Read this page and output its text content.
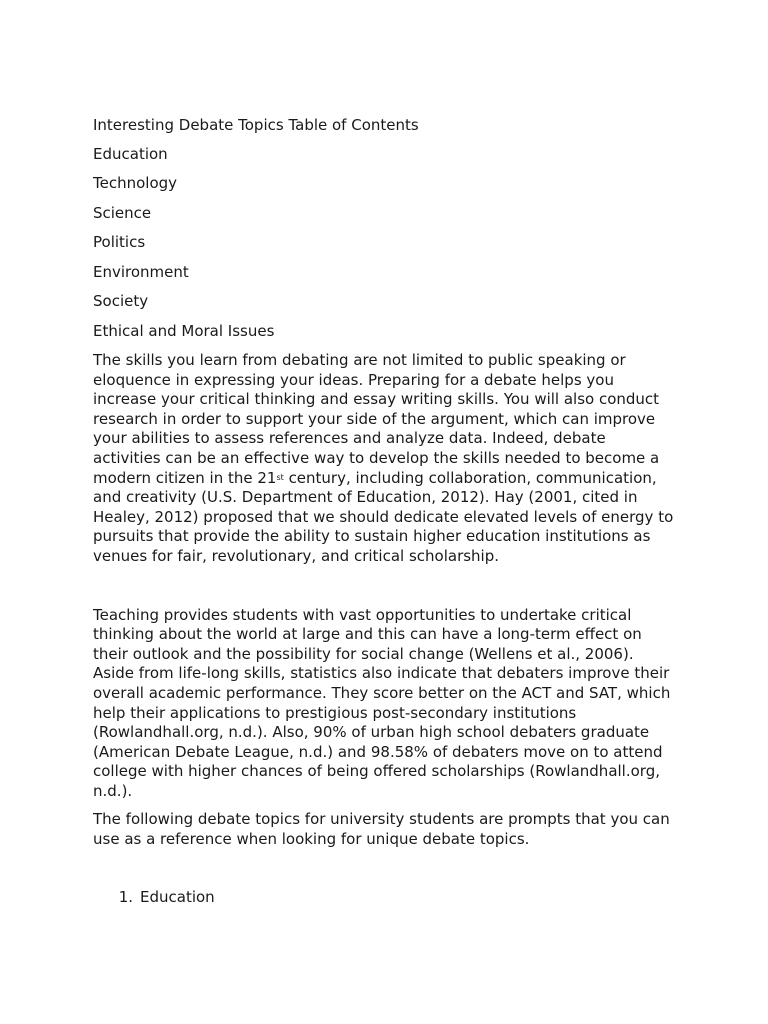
Interesting Debate Topics Table of Contents

Education
Technology
Science
Politics
Environment
Society
Ethical and Moral Issues

The skills you learn from debating are not limited to public speaking or eloquence in expressing your ideas. Preparing for a debate helps you increase your critical thinking and essay writing skills. You will also conduct research in order to support your side of the argument, which can improve your abilities to assess references and analyze data. Indeed, debate activities can be an effective way to develop the skills needed to become a modern citizen in the 21st century, including collaboration, communication, and creativity (U.S. Department of Education, 2012). Hay (2001, cited in Healey, 2012) proposed that we should dedicate elevated levels of energy to pursuits that provide the ability to sustain higher education institutions as venues for fair, revolutionary, and critical scholarship.

Teaching provides students with vast opportunities to undertake critical thinking about the world at large and this can have a long-term effect on their outlook and the possibility for social change (Wellens et al., 2006). Aside from life-long skills, statistics also indicate that debaters improve their overall academic performance. They score better on the ACT and SAT, which help their applications to prestigious post-secondary institutions (Rowlandhall.org, n.d.). Also, 90% of urban high school debaters graduate (American Debate League, n.d.) and 98.58% of debaters move on to attend college with higher chances of being offered scholarships (Rowlandhall.org, n.d.).

The following debate topics for university students are prompts that you can use as a reference when looking for unique debate topics.

1. Education
